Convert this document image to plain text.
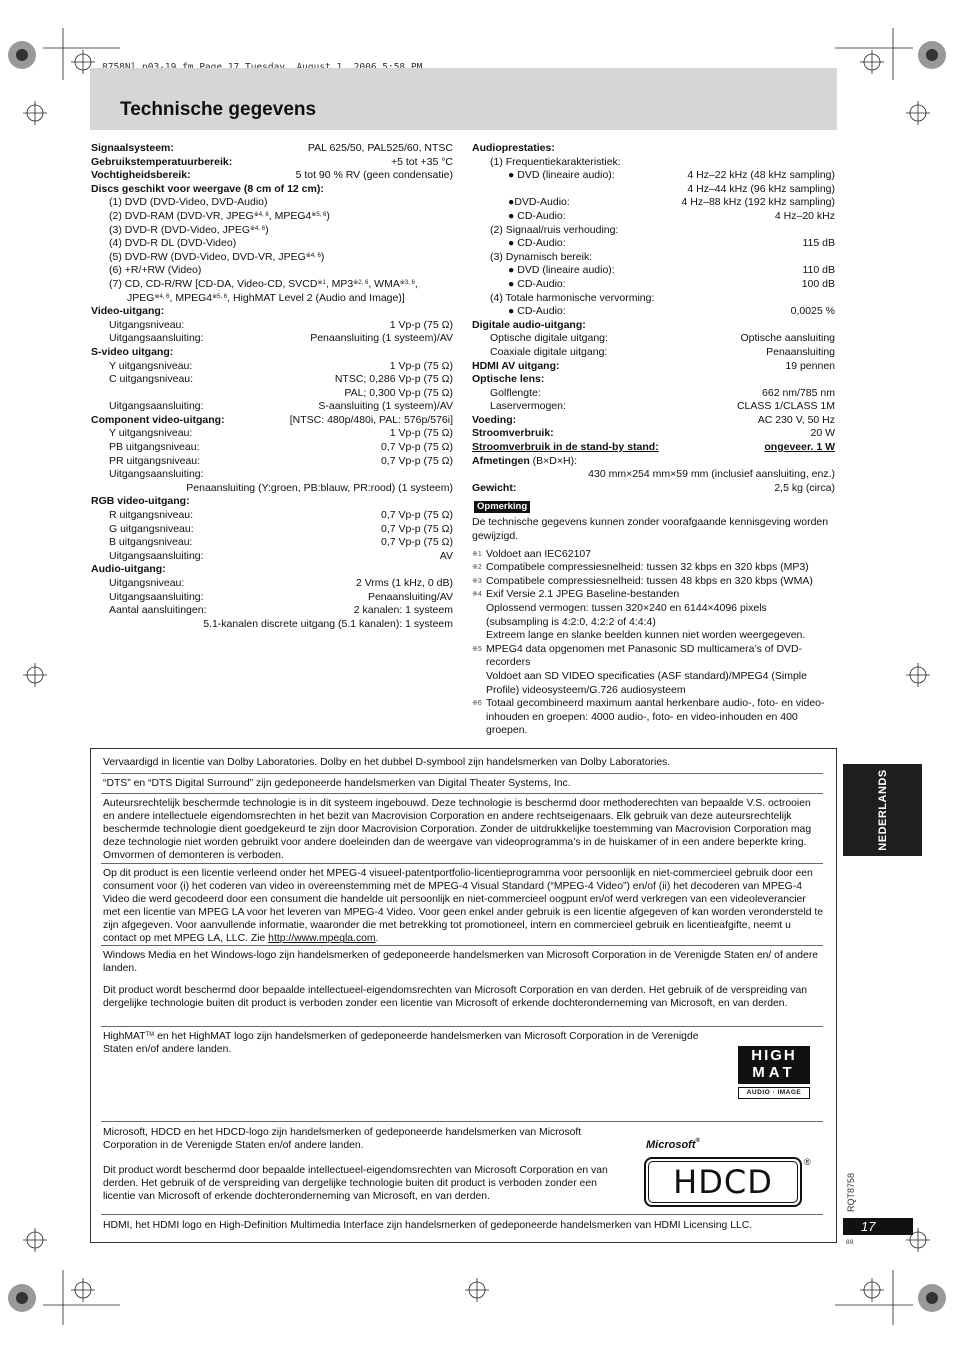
Technische gegevens
Signaalsysteem:	PAL 625/50, PAL525/60, NTSC
Gebruikstemperatuurbereik:	+5 tot +35 °C
Vochtigheidsbereik:	5 tot 90 % RV (geen condensatie)
Discs geschikt voor weergave (8 cm of 12 cm):
(1) DVD (DVD-Video, DVD-Audio)
(2) DVD-RAM (DVD-VR, JPEG$^{※4, 6}$, MPEG4$^{※5, 6}$)
(3) DVD-R (DVD-Video, JPEG$^{※4, 6}$)
(4) DVD-R DL (DVD-Video)
(5) DVD-RW (DVD-Video, DVD-VR, JPEG$^{※4, 6}$)
(6) +R/+RW (Video)
(7) CD, CD-R/RW [CD-DA, Video-CD, SVCD$^{※1}$, MP3$^{※2, 6}$, WMA$^{※3, 6}$,
JPEG$^{※4, 6}$, MPEG4$^{※5, 6}$, HighMAT Level 2 (Audio and Image)]
Video-uitgang:
Uitgangsniveau:	1 Vp-p (75 Ω)
Uitgangsaansluiting:	Penaansluiting (1 systeem)/AV
S-video uitgang:
Y uitgangsniveau:	1 Vp-p (75 Ω)
C uitgangsniveau:	NTSC; 0,286 Vp-p (75 Ω)
PAL; 0,300 Vp-p (75 Ω)
Uitgangsaansluiting:	S-aansluiting (1 systeem)/AV
Component video-uitgang:	[NTSC: 480p/480i, PAL: 576p/576i]
Y uitgangsniveau:	1 Vp-p (75 Ω)
PB uitgangsniveau:	0,7 Vp-p (75 Ω)
PR uitgangsniveau:	0,7 Vp-p (75 Ω)
Uitgangsaansluiting:
Penaansluiting (Y:groen, PB:blauw, PR:rood) (1 systeem)
RGB video-uitgang:
R uitgangsniveau:	0,7 Vp-p (75 Ω)
G uitgangsniveau:	0,7 Vp-p (75 Ω)
B uitgangsniveau:	0,7 Vp-p (75 Ω)
Uitgangsaansluiting:	AV
Audio-uitgang:
Uitgangsniveau:	2 Vrms (1 kHz, 0 dB)
Uitgangsaansluiting:	Penaansluiting/AV
Aantal aansluitingen:	2 kanalen: 1 systeem
5.1-kanalen discrete uitgang (5.1 kanalen): 1 systeem
Audioprestaties:
(1) Frequentiekarakteristiek:
● DVD (lineaire audio):	4 Hz–22 kHz (48 kHz sampling)
4 Hz–44 kHz (96 kHz sampling)
●DVD-Audio:	4 Hz–88 kHz (192 kHz sampling)
● CD-Audio:	4 Hz–20 kHz
(2) Signaal/ruis verhouding:
● CD-Audio:	115 dB
(3) Dynamisch bereik:
● DVD (lineaire audio):	110 dB
● CD-Audio:	100 dB
(4) Totale harmonische vervorming:
● CD-Audio:	0,0025 %
Digitale audio-uitgang:
Optische digitale uitgang:	Optische aansluiting
Coaxiale digitale uitgang:	Penaansluiting
HDMI AV uitgang:	19 pennen
Optische lens:
Golflengte:	662 nm/785 nm
Laservermogen:	CLASS 1/CLASS 1M
Voeding:	AC 230 V, 50 Hz
Stroomverbruik:	20 W
Stroomverbruik in de stand-by stand:	ongeveer. 1 W
Afmetingen (B×D×H):
430 mm×254 mm×59 mm (inclusief aansluiting, enz.)
Gewicht:	2,5 kg (circa)
Opmerking
De technische gegevens kunnen zonder voorafgaande kennisgeving worden gewijzigd.
※1 Voldoet aan IEC62107
※2 Compatibele compressiesnelheid: tussen 32 kbps en 320 kbps (MP3)
※3 Compatibele compressiesnelheid: tussen 48 kbps en 320 kbps (WMA)
※4 Exif Versie 2.1 JPEG Baseline-bestanden
Oplossend vermogen: tussen 320×240 en 6144×4096 pixels
(subsampling is 4:2:0, 4:2:2 of 4:4:4)
Extreem lange en slanke beelden kunnen niet worden weergegeven.
※5 MPEG4 data opgenomen met Panasonic SD multicamera’s of DVD-recorders
Voldoet aan SD VIDEO specificaties (ASF standard)/MPEG4 (Simple Profile) videosysteem/G.726 audiosysteem
※6 Totaal gecombineerd maximum aantal herkenbare audio-, foto- en video-inhouden en groepen: 4000 audio-, foto- en video-inhouden en 400 groepen.
Vervaardigd in licentie van Dolby Laboratories. Dolby en het dubbel D-symbool zijn handelsmerken van Dolby Laboratories.
“DTS” en “DTS Digital Surround” zijn gedeponeerde handelsmerken van Digital Theater Systems, Inc.
Auteursrechtelijk beschermde technologie is in dit systeem ingebouwd. Deze technologie is beschermd door methoderechten van bepaalde V.S. octrooien en andere intellectuele eigendomsrechten in het bezit van Macrovision Corporation en andere rechtseigenaars. Elk gebruik van deze auteursrechtelijk beschermde technologie dient goedgekeurd te zijn door Macrovision Corporation. Zonder de uitdrukkelijke toestemming van Macrovision Corporation mag deze technologie niet worden gebruikt voor andere doeleinden dan de weergave van videoprogramma’s in de huiskamer of in een andere beperkte kring. Omvormen of demonteren is verboden.
Op dit product is een licentie verleend onder het MPEG-4 visueel-patentportfolio-licentieprogramma voor persoonlijk en niet-commercieel gebruik door een consument voor (i) het coderen van video in overeenstemming met de MPEG-4 Visual Standard (“MPEG-4 Video”) en/of (ii) het decoderen van MPEG-4 Video die werd gecodeerd door een consument die handelde uit persoonlijk en niet-commercieel oogpunt en/of werd verkregen van een videoleverancier met een licentie van MPEG LA voor het leveren van MPEG-4 Video. Voor geen enkel ander gebruik is een licentie afgegeven of kan worden verondersteld te zijn afgegeven. Voor aanvullende informatie, waaronder die met betrekking tot promotioneel, intern en commercieel gebruik en licentieafgifte, neemt u contact op met MPEG LA, LLC. Zie http://www.mpegla.com.
Windows Media en het Windows-logo zijn handelsmerken of gedeponeerde handelsmerken van Microsoft Corporation in de Verenigde Staten en/ of andere landen.
Dit product wordt beschermd door bepaalde intellectueel-eigendomsrechten van Microsoft Corporation en van derden. Het gebruik of de verspreiding van dergelijke technologie buiten dit product is verboden zonder een licentie van Microsoft of erkende dochteronderneming van Microsoft, en van derden.
HighMAT™ en het HighMAT logo zijn handelsmerken of gedeponeerde handelsmerken van Microsoft Corporation in de Verenigde Staten en/of andere landen.	HIGH
MAT
AUDIO · IMAGE
Microsoft, HDCD en het HDCD-logo zijn handelsmerken of gedeponeerde handelsmerken van Microsoft Corporation in de Verenigde Staten en/of andere landen.
Dit product wordt beschermd door bepaalde intellectueel-eigendomsrechten van Microsoft Corporation en van derden. Het gebruik of de verspreiding van dergelijke technologie buiten dit product is verboden zonder een licentie van Microsoft of erkende dochteronderneming van Microsoft, en van derden.
Microsoft®
HDCD
®
HDMI, het HDMI logo en High-Definition Multimedia Interface zijn handelsmerken of gedeponeerde handelsmerken van HDMI Licensing LLC.
NEDERLANDS
RQT8758
17
89
